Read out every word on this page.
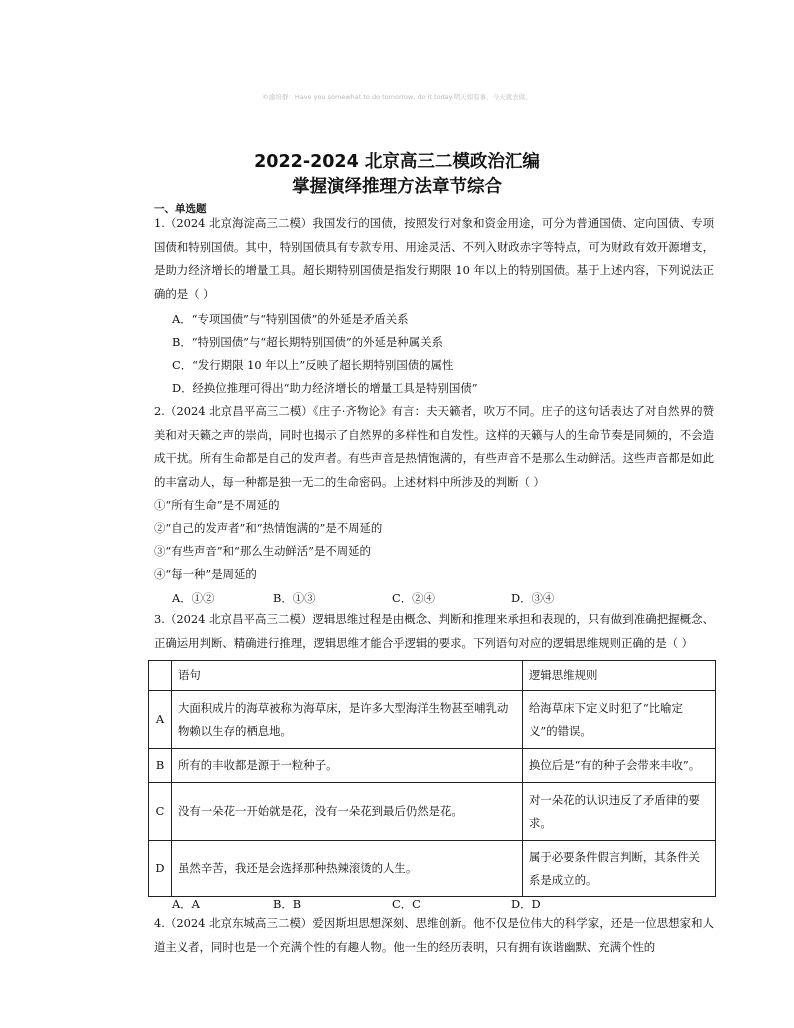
©渝培群：Have you somewhat to do tomorrow, do it today.明天如有事，今天就去做。
2022-2024 北京高三二模政治汇编
掌握演绎推理方法章节综合
一、单选题

1.（2024 北京海淀高三二模）我国发行的国债，按照发行对象和资金用途，可分为普通国债、定向国债、专项国债和特别国债。其中，特别国债具有专款专用、用途灵活、不列入财政赤字等特点，可为财政有效开源增支，是助力经济增长的增量工具。超长期特别国债是指发行期限 10 年以上的特别国债。基于上述内容，下列说法正确的是（ ）

A．“专项国债”与“特别国债”的外延是矛盾关系
B．“特别国债”与“超长期特别国债”的外延是种属关系
C．“发行期限 10 年以上”反映了超长期特别国债的属性
D．经换位推理可得出“助力经济增长的增量工具是特别国债”

2.（2024 北京昌平高三二模）《庄子·齐物论》有言：夫天籁者，吹万不同。庄子的这句话表达了对自然界的赞美和对天籁之声的崇尚，同时也揭示了自然界的多样性和自发性。这样的天籁与人的生命节奏是同频的，不会造成干扰。所有生命都是自己的发声者。有些声音是热情饱满的，有些声音不是那么生动鲜活。这些声音都是如此的丰富动人，每一种都是独一无二的生命密码。上述材料中所涉及的判断（ ）

①“所有生命”是不周延的
②“自己的发声者”和“热情饱满的”是不周延的
③“有些声音”和“那么生动鲜活”是不周延的
④“每一种”是周延的
A．①②	B．①③	C．②④	D．③④

3.（2024 北京昌平高三二模）逻辑思维过程是由概念、判断和推理来承担和表现的，只有做到准确把握概念、正确运用判断、精确进行推理，逻辑思维才能合乎逻辑的要求。下列语句对应的逻辑思维规则正确的是（ ）

	语句	逻辑思维规则
A	大面积成片的海草被称为海草床，是许多大型海洋生物甚至哺乳动物赖以生存的栖息地。	给海草床下定义时犯了“比喻定义”的错误。
B	所有的丰收都是源于一粒种子。	换位后是“有的种子会带来丰收”。
C	没有一朵花一开始就是花，没有一朵花到最后仍然是花。	对一朵花的认识违反了矛盾律的要求。
D	虽然辛苦，我还是会选择那种热辣滚烫的人生。	属于必要条件假言判断，其条件关系是成立的。
A．A	B．B	C．C	D．D

4.（2024 北京东城高三二模）爱因斯坦思想深刻、思维创新。他不仅是位伟大的科学家，还是一位思想家和人道主义者，同时也是一个充满个性的有趣人物。他一生的经历表明，只有拥有诙谐幽默、充满个性的
